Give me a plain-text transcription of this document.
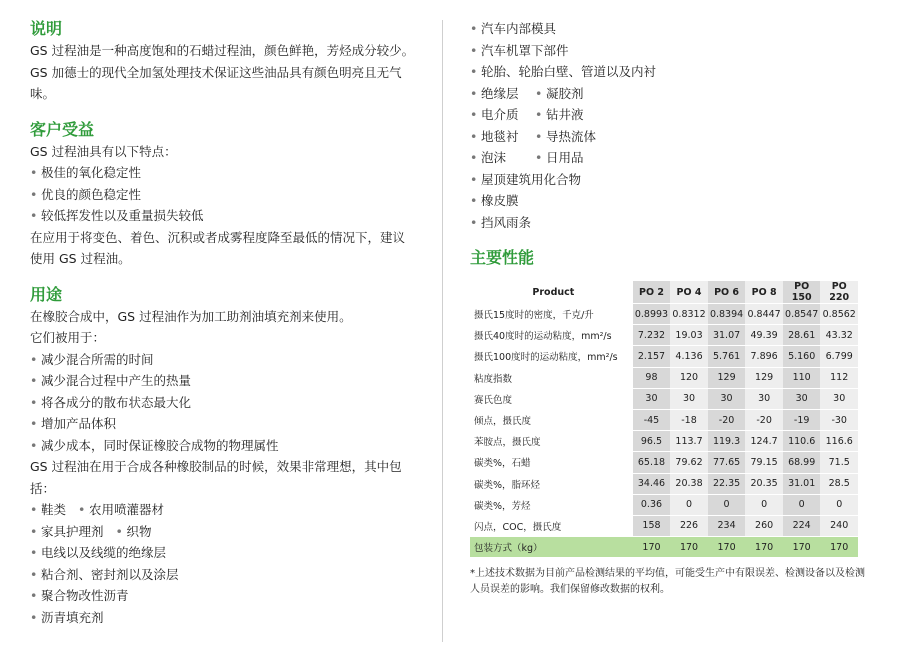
说明

GS 过程油是一种高度饱和的石蜡过程油，颜色鲜艳，芳烃成分较少。GS 加德士的现代全加氢处理技术保证这些油品具有颜色明亮且无气味。

客户受益

GS 过程油具有以下特点：

• 极佳的氧化稳定性

• 优良的颜色稳定性

• 较低挥发性以及重量损失较低

在应用于将变色、着色、沉积或者成雾程度降至最低的情况下，建议使用 GS 过程油。

用途

在橡胶合成中，GS 过程油作为加工助剂油填充剂来使用。

它们被用于：

• 减少混合所需的时间

• 减少混合过程中产生的热量

• 将各成分的散布状态最大化

• 增加产品体积

• 减少成本，同时保证橡胶合成物的物理属性

GS 过程油在用于合成各种橡胶制品的时候，效果非常理想，其中包括：

• 鞋类 • 农用喷灌器材

• 家具护理剂 • 织物

• 电线以及线缆的绝缘层

• 粘合剂、密封剂以及涂层

• 聚合物改性沥青

• 沥青填充剂

• 汽车内部模具

• 汽车机罩下部件

• 轮胎、轮胎白壁、管道以及内衬

• 绝缘层 • 凝胶剂

• 电介质 • 钻井液

• 地毯衬 • 导热流体

• 泡沫 • 日用品

• 屋顶建筑用化合物

• 橡皮膜

• 挡风雨条

主要性能
Product	PO 2	PO 4	PO 6	PO 8	PO 150	PO 220
摄氏15度时的密度，千克/升	0.8993	0.8312	0.8394	0.8447	0.8547	0.8562
摄氏40度时的运动粘度，mm²/s	7.232	19.03	31.07	49.39	28.61	43.32
摄氏100度时的运动粘度，mm²/s	2.157	4.136	5.761	7.896	5.160	6.799
粘度指数	98	120	129	129	110	112
赛氏色度	30	30	30	30	30	30
倾点，摄氏度	-45	-18	-20	-20	-19	-30
苯胺点，摄氏度	96.5	113.7	119.3	124.7	110.6	116.6
碳类%，石蜡	65.18	79.62	77.65	79.15	68.99	71.5
碳类%，脂环烃	34.46	20.38	22.35	20.35	31.01	28.5
碳类%，芳烃	0.36	0	0	0	0	0
闪点，COC，摄氏度	158	226	234	260	224	240
包装方式（kg）	170	170	170	170	170	170

*上述技术数据为目前产品检测结果的平均值，可能受生产中有限误差、检测设备以及检测人员误差的影响。我们保留修改数据的权利。
